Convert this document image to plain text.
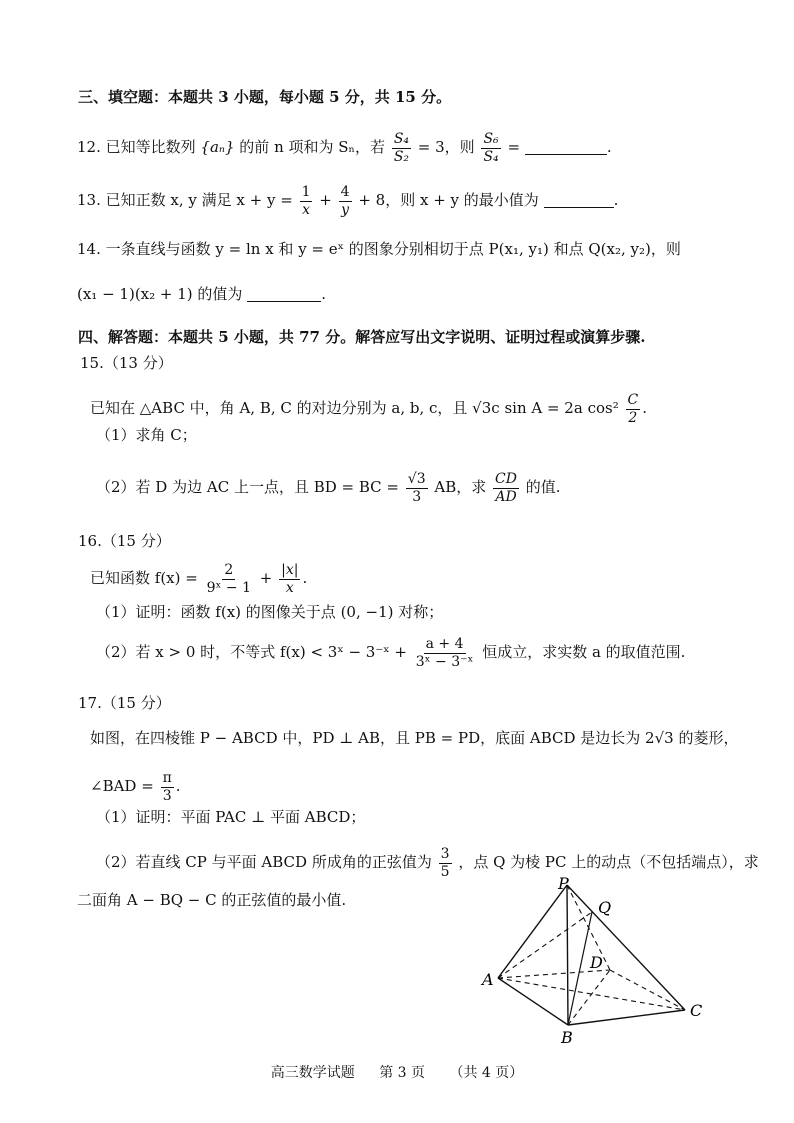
三、填空题：本题共 3 小题，每小题 5 分，共 15 分。
12. 已知等比数列 {aₙ} 的前 n 项和为 Sₙ，若 $\frac{\text{S₄}}{\text{S₂}} = 3$，则 $\frac{\text{S₆}}{\text{S₄}}$ =	.
13. 已知正数 x, y 满足 $x + y = \frac{1}{x} + \frac{4}{y} + 8$，则 x + y 的最小值为	.
14. 一条直线与函数 y = ln x 和 y = eˣ 的图象分别相切于点 P(x₁, y₁) 和点 Q(x₂, y₂)，则
(x₁ − 1)(x₂ + 1) 的值为	.
四、解答题：本题共 5 小题，共 77 分。解答应写出文字说明、证明过程或演算步骤.
15.（13 分）
已知在 △ABC 中，角 A, B, C 的对边分别为 a, b, c，且 √3c sin A = 2a $\cos^2 \frac{C}{2}$ .
（1）求角 C；
（2）若 D 为边 AC 上一点，且 BD = BC = $\frac{√3}{3}$ AB，求 $\frac{CD}{AD}$ 的值.
16.（15 分）
已知函数 $f(x) = \frac{2}{\text{9ˣ − 1}} + \frac{|x|}{x}$ .
（1）证明：函数 f(x) 的图像关于点 (0, −1) 对称；
（2）若 x > 0 时，不等式 f(x) < 3ˣ − 3⁻ˣ + $\frac{a + 4}{\text{3ˣ − 3⁻ˣ}}$ 恒成立，求实数 a 的取值范围.
17.（15 分）
如图，在四棱锥 P − ABCD 中，PD ⊥ AB，且 PB = PD，底面 ABCD 是边长为 2√3 的菱形，
∠BAD = $\frac{\pi}{3}$ .
（1）证明：平面 PAC ⊥ 平面 ABCD；
（2）若直线 CP 与平面 ABCD 所成角的正弦值为 $\frac{3}{5}$ ，点 Q 为棱 PC 上的动点（不包括端点），求
二面角 A − BQ − C 的正弦值的最小值.
P
Q
D
A
B
C
高三数学试题 第 3 页 （共 4 页）
